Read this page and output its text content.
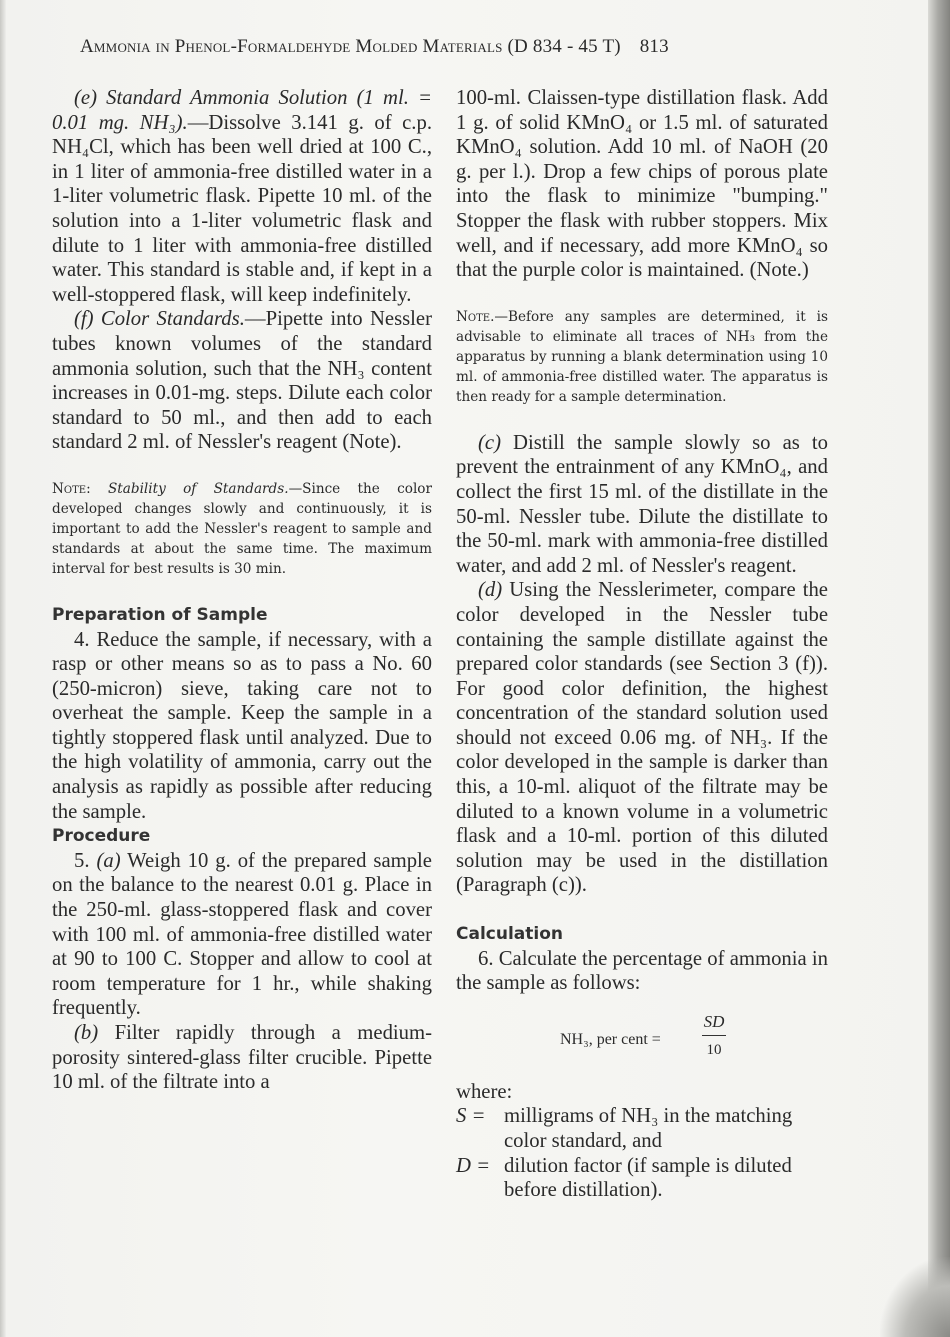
Ammonia in Phenol-Formaldehyde Molded Materials (D 834 - 45 T) 813

(e) Standard Ammonia Solution (1 ml. = 0.01 mg. NH₃).—Dissolve 3.141 g. of c.p. NH₄Cl, which has been well dried at 100 C., in 1 liter of ammonia-free distilled water in a 1-liter volumetric flask. Pipette 10 ml. of the solution into a 1-liter volumetric flask and dilute to 1 liter with ammonia-free distilled water. This standard is stable and, if kept in a well-stoppered flask, will keep indefinitely.

(f) Color Standards.—Pipette into Nessler tubes known volumes of the standard ammonia solution, such that the NH₃ content increases in 0.01-mg. steps. Dilute each color standard to 50 ml., and then add to each standard 2 ml. of Nessler's reagent (Note).

Note: Stability of Standards.—Since the color developed changes slowly and continuously, it is important to add the Nessler's reagent to sample and standards at about the same time. The maximum interval for best results is 30 min.

Preparation of Sample

4. Reduce the sample, if necessary, with a rasp or other means so as to pass a No. 60 (250-micron) sieve, taking care not to overheat the sample. Keep the sample in a tightly stoppered flask until analyzed. Due to the high volatility of ammonia, carry out the analysis as rapidly as possible after reducing the sample.

Procedure

5. (a) Weigh 10 g. of the prepared sample on the balance to the nearest 0.01 g. Place in the 250-ml. glass-stoppered flask and cover with 100 ml. of ammonia-free distilled water at 90 to 100 C. Stopper and allow to cool at room temperature for 1 hr., while shaking frequently.

(b) Filter rapidly through a medium-porosity sintered-glass filter crucible. Pipette 10 ml. of the filtrate into a

100-ml. Claissen-type distillation flask. Add 1 g. of solid KMnO₄ or 1.5 ml. of saturated KMnO₄ solution. Add 10 ml. of NaOH (20 g. per l.). Drop a few chips of porous plate into the flask to minimize "bumping." Stopper the flask with rubber stoppers. Mix well, and if necessary, add more KMnO₄ so that the purple color is maintained. (Note.)

Note.—Before any samples are determined, it is advisable to eliminate all traces of NH₃ from the apparatus by running a blank determination using 10 ml. of ammonia-free distilled water. The apparatus is then ready for a sample determination.

(c) Distill the sample slowly so as to prevent the entrainment of any KMnO₄, and collect the first 15 ml. of the distillate in the 50-ml. Nessler tube. Dilute the distillate to the 50-ml. mark with ammonia-free distilled water, and add 2 ml. of Nessler's reagent.

(d) Using the Nesslerimeter, compare the color developed in the Nessler tube containing the sample distillate against the prepared color standards (see Section 3 (f)). For good color definition, the highest concentration of the standard solution used should not exceed 0.06 mg. of NH₃. If the color developed in the sample is darker than this, a 10-ml. aliquot of the filtrate may be diluted to a known volume in a volumetric flask and a 10-ml. portion of this diluted solution may be used in the distillation (Paragraph (c)).

Calculation

6. Calculate the percentage of ammonia in the sample as follows:

NH₃, per cent = $\frac{SD}{10}$

where:

S = milligrams of NH₃ in the matching color standard, and
D = dilution factor (if sample is diluted before distillation).
